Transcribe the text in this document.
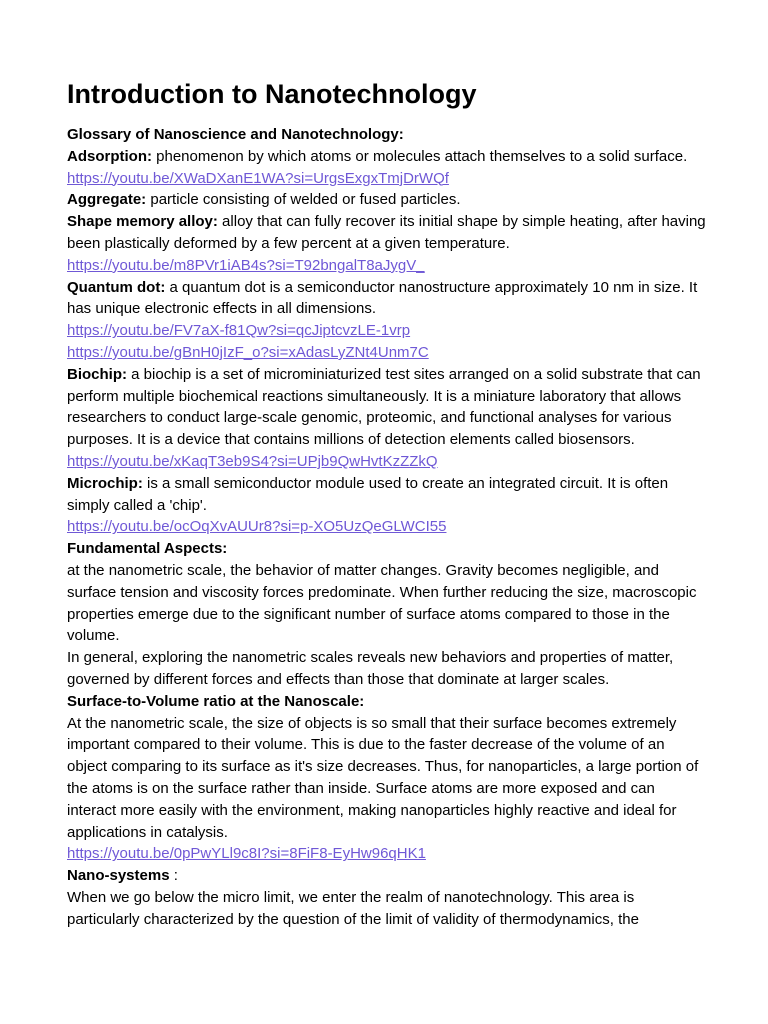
Introduction to Nanotechnology

Glossary of Nanoscience and Nanotechnology:

Adsorption: phenomenon by which atoms or molecules attach themselves to a solid surface.

https://youtu.be/XWaDXanE1WA?si=UrgsExgxTmjDrWQf

Aggregate: particle consisting of welded or fused particles.

Shape memory alloy: alloy that can fully recover its initial shape by simple heating, after having been plastically deformed by a few percent at a given temperature.

https://youtu.be/m8PVr1iAB4s?si=T92bngalT8aJygV_

Quantum dot: a quantum dot is a semiconductor nanostructure approximately 10 nm in size. It has unique electronic effects in all dimensions.

https://youtu.be/FV7aX-f81Qw?si=qcJiptcvzLE-1vrp

https://youtu.be/gBnH0jIzF_o?si=xAdasLyZNt4Unm7C

Biochip: a biochip is a set of microminiaturized test sites arranged on a solid substrate that can perform multiple biochemical reactions simultaneously. It is a miniature laboratory that allows researchers to conduct large-scale genomic, proteomic, and functional analyses for various purposes. It is a device that contains millions of detection elements called biosensors.

https://youtu.be/xKaqT3eb9S4?si=UPjb9QwHvtKzZZkQ

Microchip: is a small semiconductor module used to create an integrated circuit. It is often simply called a 'chip'.

https://youtu.be/ocOqXvAUUr8?si=p-XO5UzQeGLWCI55

Fundamental Aspects:

at the nanometric scale, the behavior of matter changes. Gravity becomes negligible, and surface tension and viscosity forces predominate. When further reducing the size, macroscopic properties emerge due to the significant number of surface atoms compared to those in the volume.

In general, exploring the nanometric scales reveals new behaviors and properties of matter, governed by different forces and effects than those that dominate at larger scales.

Surface-to-Volume ratio at the Nanoscale:

At the nanometric scale, the size of objects is so small that their surface becomes extremely important compared to their volume. This is due to the faster decrease of the volume of an object comparing to its surface as it's size decreases. Thus, for nanoparticles, a large portion of the atoms is on the surface rather than inside. Surface atoms are more exposed and can interact more easily with the environment, making nanoparticles highly reactive and ideal for applications in catalysis.

https://youtu.be/0pPwYLl9c8I?si=8FiF8-EyHw96qHK1

Nano-systems :

When we go below the micro limit, we enter the realm of nanotechnology. This area is particularly characterized by the question of the limit of validity of thermodynamics, the
